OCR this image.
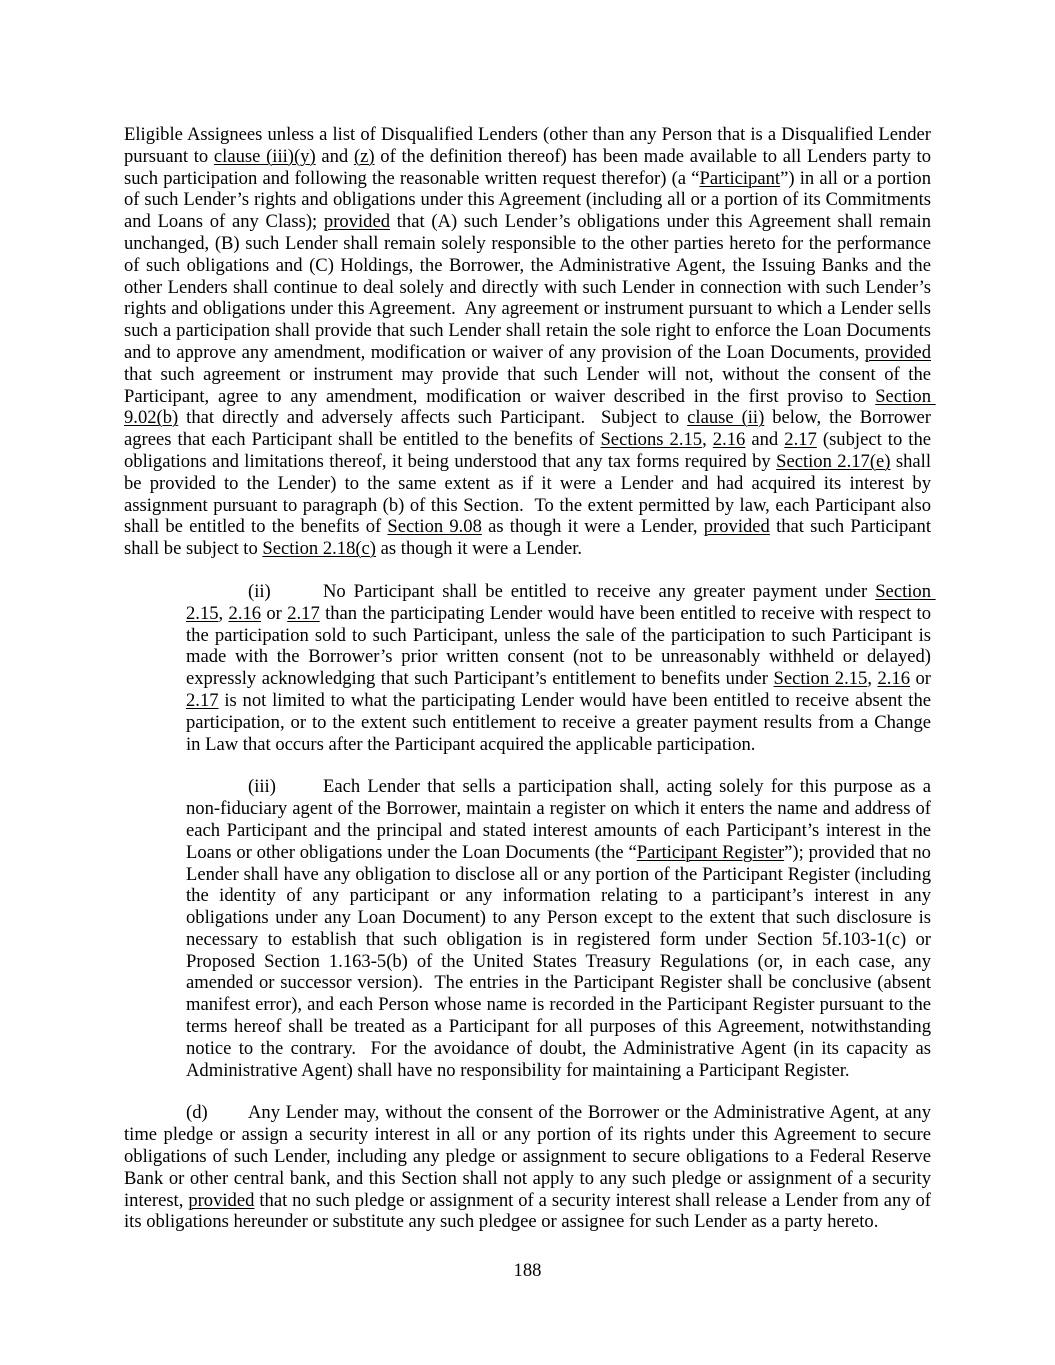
Eligible Assignees unless a list of Disqualified Lenders (other than any Person that is a Disqualified Lender pursuant to clause (iii)(y) and (z) of the definition thereof) has been made available to all Lenders party to such participation and following the reasonable written request therefor) (a “Participant”) in all or a portion of such Lender’s rights and obligations under this Agreement (including all or a portion of its Commitments and Loans of any Class); provided that (A) such Lender’s obligations under this Agreement shall remain unchanged, (B) such Lender shall remain solely responsible to the other parties hereto for the performance of such obligations and (C) Holdings, the Borrower, the Administrative Agent, the Issuing Banks and the other Lenders shall continue to deal solely and directly with such Lender in connection with such Lender’s rights and obligations under this Agreement.  Any agreement or instrument pursuant to which a Lender sells such a participation shall provide that such Lender shall retain the sole right to enforce the Loan Documents and to approve any amendment, modification or waiver of any provision of the Loan Documents, provided that such agreement or instrument may provide that such Lender will not, without the consent of the Participant, agree to any amendment, modification or waiver described in the first proviso to Section 9.02(b) that directly and adversely affects such Participant.  Subject to clause (ii) below, the Borrower agrees that each Participant shall be entitled to the benefits of Sections 2.15, 2.16 and 2.17 (subject to the obligations and limitations thereof, it being understood that any tax forms required by Section 2.17(e) shall be provided to the Lender) to the same extent as if it were a Lender and had acquired its interest by assignment pursuant to paragraph (b) of this Section.  To the extent permitted by law, each Participant also shall be entitled to the benefits of Section 9.08 as though it were a Lender, provided that such Participant shall be subject to Section 2.18(c) as though it were a Lender.

(ii)	No Participant shall be entitled to receive any greater payment under Section 2.15, 2.16 or 2.17 than the participating Lender would have been entitled to receive with respect to the participation sold to such Participant, unless the sale of the participation to such Participant is made with the Borrower’s prior written consent (not to be unreasonably withheld or delayed) expressly acknowledging that such Participant’s entitlement to benefits under Section 2.15, 2.16 or 2.17 is not limited to what the participating Lender would have been entitled to receive absent the participation, or to the extent such entitlement to receive a greater payment results from a Change in Law that occurs after the Participant acquired the applicable participation.

(iii)	Each Lender that sells a participation shall, acting solely for this purpose as a non-fiduciary agent of the Borrower, maintain a register on which it enters the name and address of each Participant and the principal and stated interest amounts of each Participant’s interest in the Loans or other obligations under the Loan Documents (the “Participant Register”); provided that no Lender shall have any obligation to disclose all or any portion of the Participant Register (including the identity of any participant or any information relating to a participant’s interest in any obligations under any Loan Document) to any Person except to the extent that such disclosure is necessary to establish that such obligation is in registered form under Section 5f.103-1(c) or Proposed Section 1.163-5(b) of the United States Treasury Regulations (or, in each case, any amended or successor version).  The entries in the Participant Register shall be conclusive (absent manifest error), and each Person whose name is recorded in the Participant Register pursuant to the terms hereof shall be treated as a Participant for all purposes of this Agreement, notwithstanding notice to the contrary.  For the avoidance of doubt, the Administrative Agent (in its capacity as Administrative Agent) shall have no responsibility for maintaining a Participant Register.

(d) Any Lender may, without the consent of the Borrower or the Administrative Agent, at any time pledge or assign a security interest in all or any portion of its rights under this Agreement to secure obligations of such Lender, including any pledge or assignment to secure obligations to a Federal Reserve Bank or other central bank, and this Section shall not apply to any such pledge or assignment of a security interest, provided that no such pledge or assignment of a security interest shall release a Lender from any of its obligations hereunder or substitute any such pledgee or assignee for such Lender as a party hereto.

188
